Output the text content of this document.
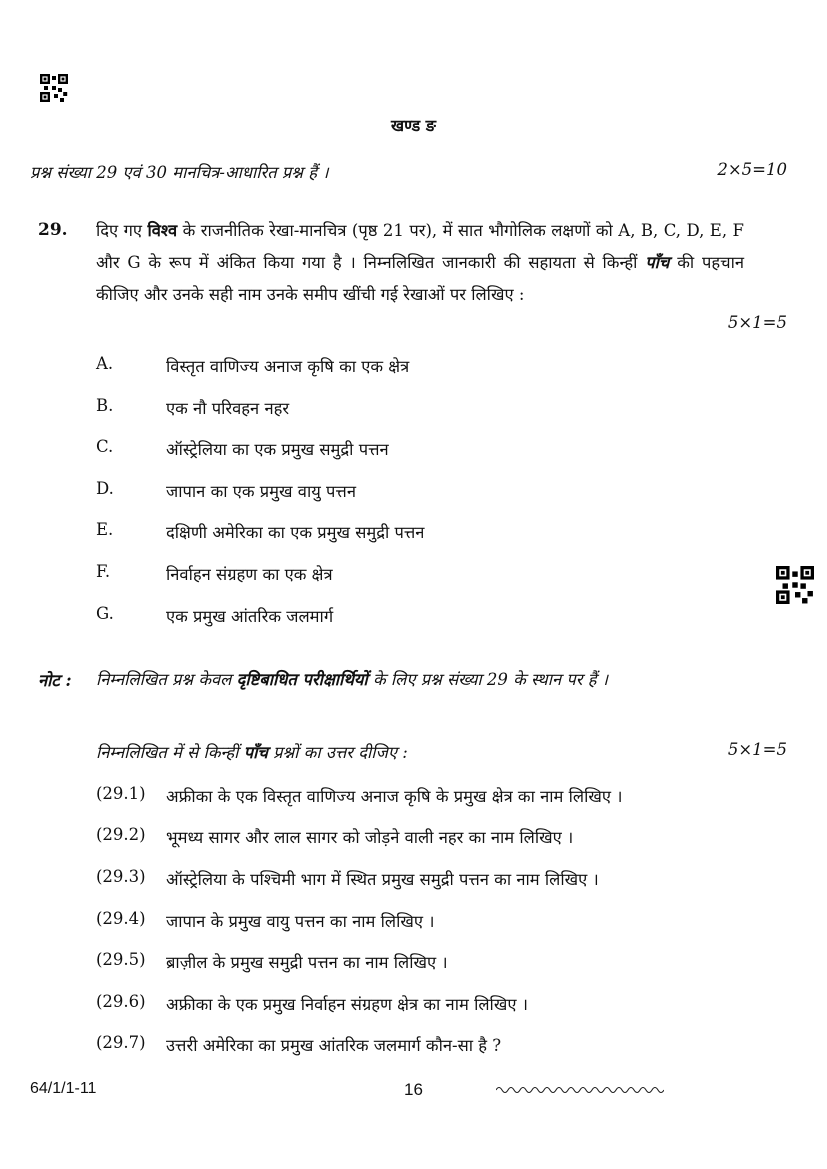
खण्ड ङ
प्रश्न संख्या 29 एवं 30 मानचित्र-आधारित प्रश्न हैं ।	2×5=10
29. दिए गए विश्व के राजनीतिक रेखा-मानचित्र (पृष्ठ 21 पर), में सात भौगोलिक लक्षणों को A, B, C, D, E, F और G के रूप में अंकित किया गया है । निम्नलिखित जानकारी की सहायता से किन्हीं पाँच की पहचान कीजिए और उनके सही नाम उनके समीप खींची गई रेखाओं पर लिखिए :
5×1=5
A.	विस्तृत वाणिज्य अनाज कृषि का एक क्षेत्र
B.	एक नौ परिवहन नहर
C.	ऑस्ट्रेलिया का एक प्रमुख समुद्री पत्तन
D.	जापान का एक प्रमुख वायु पत्तन
E.	दक्षिणी अमेरिका का एक प्रमुख समुद्री पत्तन
F.	निर्वाहन संग्रहण का एक क्षेत्र
G.	एक प्रमुख आंतरिक जलमार्ग
नोट : निम्नलिखित प्रश्न केवल दृष्टिबाधित परीक्षार्थियों के लिए प्रश्न संख्या 29 के स्थान पर हैं ।
निम्नलिखित में से किन्हीं पाँच प्रश्नों का उत्तर दीजिए :	5×1=5
(29.1) अफ्रीका के एक विस्तृत वाणिज्य अनाज कृषि के प्रमुख क्षेत्र का नाम लिखिए ।
(29.2) भूमध्य सागर और लाल सागर को जोड़ने वाली नहर का नाम लिखिए ।
(29.3) ऑस्ट्रेलिया के पश्चिमी भाग में स्थित प्रमुख समुद्री पत्तन का नाम लिखिए ।
(29.4) जापान के प्रमुख वायु पत्तन का नाम लिखिए ।
(29.5) ब्राज़ील के प्रमुख समुद्री पत्तन का नाम लिखिए ।
(29.6) अफ्रीका के एक प्रमुख निर्वाहन संग्रहण क्षेत्र का नाम लिखिए ।
(29.7) उत्तरी अमेरिका का प्रमुख आंतरिक जलमार्ग कौन-सा है ?
64/1/1-11	16
